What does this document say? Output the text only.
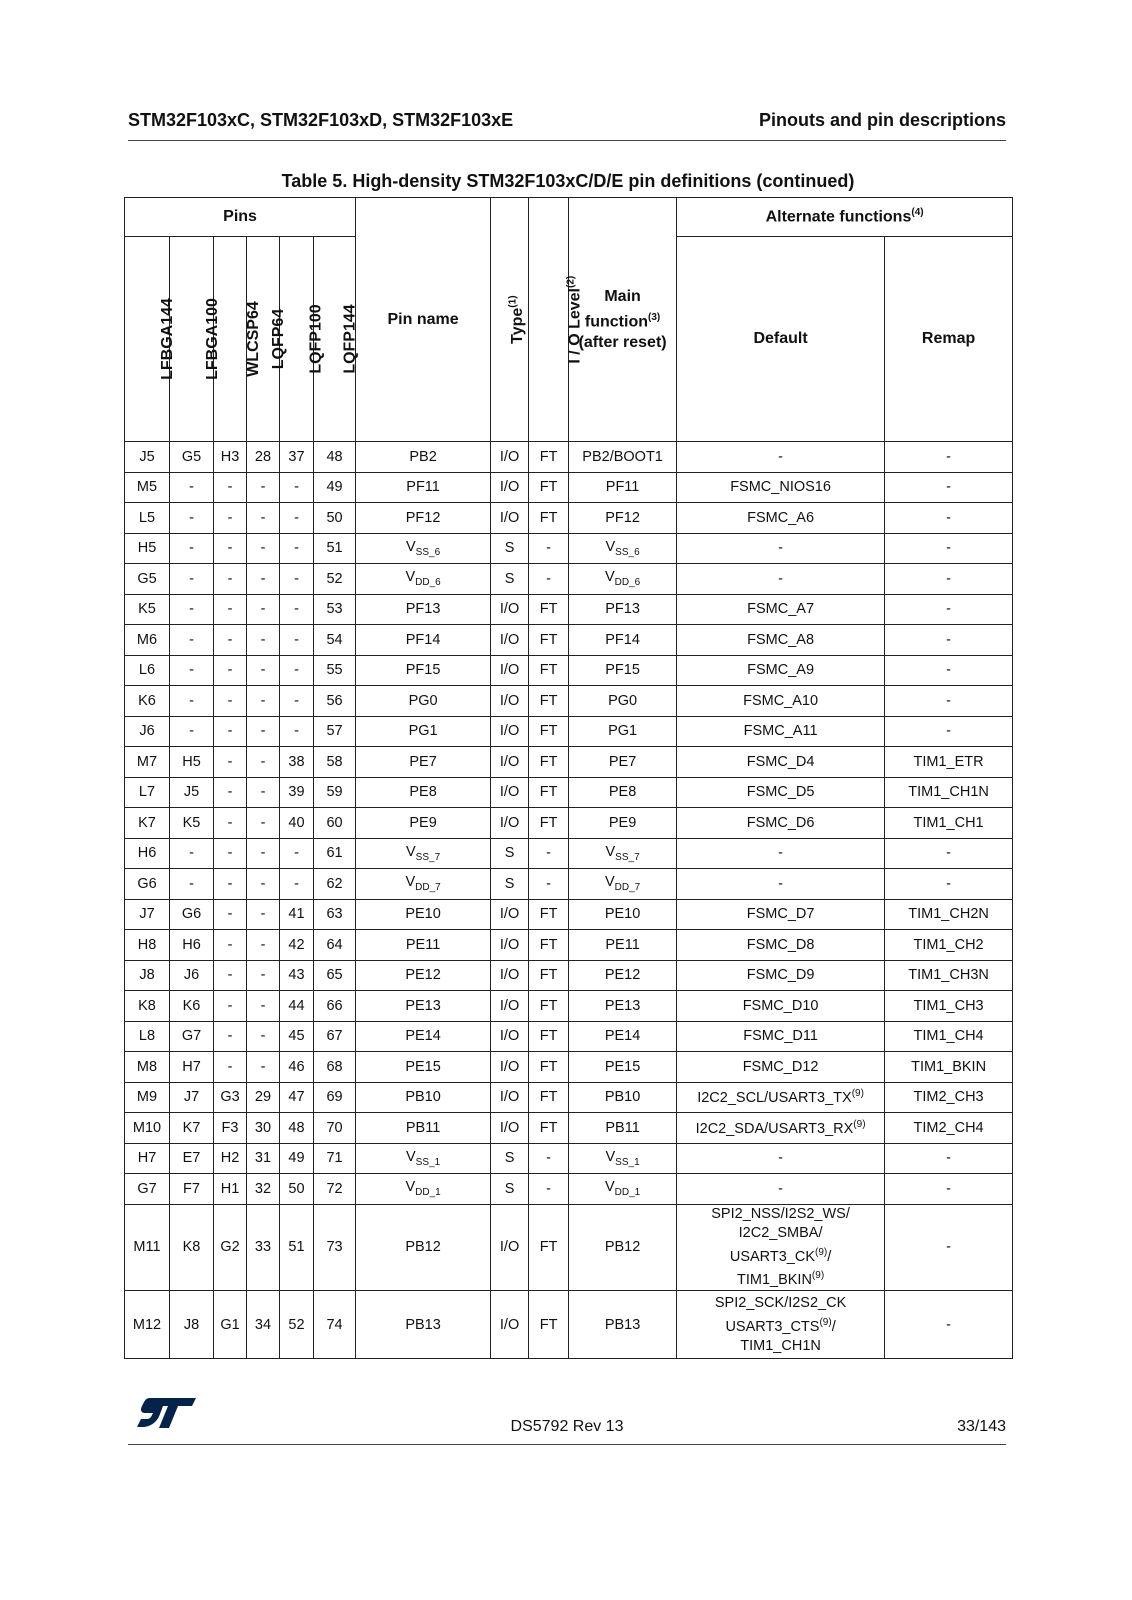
STM32F103xC, STM32F103xD, STM32F103xE	Pinouts and pin descriptions
Table 5. High-density STM32F103xC/D/E pin definitions (continued)
Pins						Pin name	Type$^{(1)}$	I / O Level$^{(2)}$	Main
function$^{(3)}$
(after reset)	Alternate functions$^{(4)}$
LFBGA144	LFBGA100	WLCSP64	LQFP64	LQFP100	LQFP144					Default	Remap
J5	G5	H3	28	37	48	PB2	I/O	FT	PB2/BOOT1	-	-
M5	-	-	-	-	49	PF11	I/O	FT	PF11	FSMC_NIOS16	-
L5	-	-	-	-	50	PF12	I/O	FT	PF12	FSMC_A6	-
H5	-	-	-	-	51	$V_{SS\_6}$	S	-	$V_{SS\_6}$	-	-
G5	-	-	-	-	52	$V_{DD\_6}$	S	-	$V_{DD\_6}$	-	-
K5	-	-	-	-	53	PF13	I/O	FT	PF13	FSMC_A7	-
M6	-	-	-	-	54	PF14	I/O	FT	PF14	FSMC_A8	-
L6	-	-	-	-	55	PF15	I/O	FT	PF15	FSMC_A9	-
K6	-	-	-	-	56	PG0	I/O	FT	PG0	FSMC_A10	-
J6	-	-	-	-	57	PG1	I/O	FT	PG1	FSMC_A11	-
M7	H5	-	-	38	58	PE7	I/O	FT	PE7	FSMC_D4	TIM1_ETR
L7	J5	-	-	39	59	PE8	I/O	FT	PE8	FSMC_D5	TIM1_CH1N
K7	K5	-	-	40	60	PE9	I/O	FT	PE9	FSMC_D6	TIM1_CH1
H6	-	-	-	-	61	$V_{SS\_7}$	S	-	$V_{SS\_7}$	-	-
G6	-	-	-	-	62	$V_{DD\_7}$	S	-	$V_{DD\_7}$	-	-
J7	G6	-	-	41	63	PE10	I/O	FT	PE10	FSMC_D7	TIM1_CH2N
H8	H6	-	-	42	64	PE11	I/O	FT	PE11	FSMC_D8	TIM1_CH2
J8	J6	-	-	43	65	PE12	I/O	FT	PE12	FSMC_D9	TIM1_CH3N
K8	K6	-	-	44	66	PE13	I/O	FT	PE13	FSMC_D10	TIM1_CH3
L8	G7	-	-	45	67	PE14	I/O	FT	PE14	FSMC_D11	TIM1_CH4
M8	H7	-	-	46	68	PE15	I/O	FT	PE15	FSMC_D12	TIM1_BKIN
M9	J7	G3	29	47	69	PB10	I/O	FT	PB10	I2C2_SCL/USART3_TX$^{(9)}$	TIM2_CH3
M10	K7	F3	30	48	70	PB11	I/O	FT	PB11	I2C2_SDA/USART3_RX$^{(9)}$	TIM2_CH4
H7	E7	H2	31	49	71	$V_{SS\_1}$	S	-	$V_{SS\_1}$	-	-
G7	F7	H1	32	50	72	$V_{DD\_1}$	S	-	$V_{DD\_1}$	-	-
M11	K8	G2	33	51	73	PB12	I/O	FT	PB12	SPI2_NSS/I2S2_WS/
I2C2_SMBA/
USART3_CK$^{(9)}$/
TIM1_BKIN$^{(9)}$	-
M12	J8	G1	34	52	74	PB13	I/O	FT	PB13	SPI2_SCK/I2S2_CK
USART3_CTS$^{(9)}$/
TIM1_CH1N	-
DS5792 Rev 13	33/143
